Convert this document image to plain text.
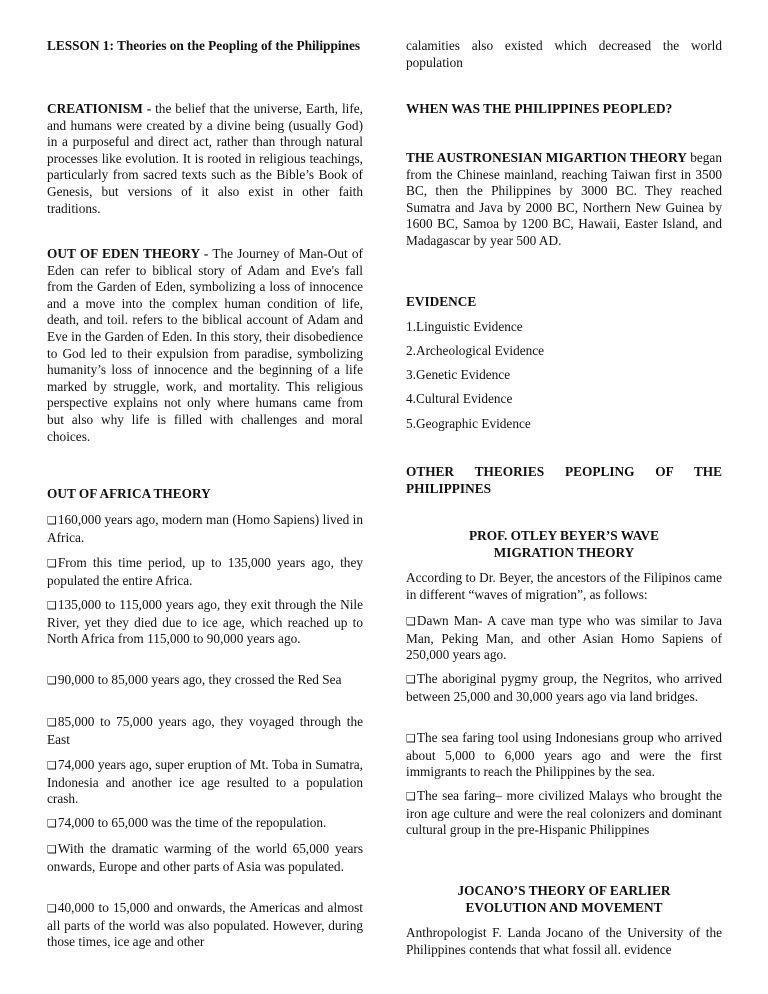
LESSON 1: Theories on the Peopling of the Philippines

CREATIONISM - the belief that the universe, Earth, life, and humans were created by a divine being (usually God) in a purposeful and direct act, rather than through natural processes like evolution. It is rooted in religious teachings, particularly from sacred texts such as the Bible’s Book of Genesis, but versions of it also exist in other faith traditions.

OUT OF EDEN THEORY - The Journey of Man-Out of Eden can refer to biblical story of Adam and Eve's fall from the Garden of Eden, symbolizing a loss of innocence and a move into the complex human condition of life, death, and toil. refers to the biblical account of Adam and Eve in the Garden of Eden. In this story, their disobedience to God led to their expulsion from paradise, symbolizing humanity’s loss of innocence and the beginning of a life marked by struggle, work, and mortality. This religious perspective explains not only where humans came from but also why life is filled with challenges and moral choices.

OUT OF AFRICA THEORY

❑160,000 years ago, modern man (Homo Sapiens) lived in Africa.

❑From this time period, up to 135,000 years ago, they populated the entire Africa.

❑135,000 to 115,000 years ago, they exit through the Nile River, yet they died due to ice age, which reached up to North Africa from 115,000 to 90,000 years ago.

❑90,000 to 85,000 years ago, they crossed the Red Sea

❑85,000 to 75,000 years ago, they voyaged through the East

❑74,000 years ago, super eruption of Mt. Toba in Sumatra, Indonesia and another ice age resulted to a population crash.

❑74,000 to 65,000 was the time of the repopulation.

❑With the dramatic warming of the world 65,000 years onwards, Europe and other parts of Asia was populated.

❑40,000 to 15,000 and onwards, the Americas and almost all parts of the world was also populated. However, during those times, ice age and other

calamities also existed which decreased the world population

WHEN WAS THE PHILIPPINES PEOPLED?

THE AUSTRONESIAN MIGARTION THEORY began from the Chinese mainland, reaching Taiwan first in 3500 BC, then the Philippines by 3000 BC. They reached Sumatra and Java by 2000 BC, Northern New Guinea by 1600 BC, Samoa by 1200 BC, Hawaii, Easter Island, and Madagascar by year 500 AD.

EVIDENCE

1.Linguistic Evidence

2.Archeological Evidence

3.Genetic Evidence

4.Cultural Evidence

5.Geographic Evidence

OTHER THEORIES PEOPLING OF THE PHILIPPINES

PROF. OTLEY BEYER’S WAVE MIGRATION THEORY

According to Dr. Beyer, the ancestors of the Filipinos came in different “waves of migration”, as follows:

❑Dawn Man- A cave man type who was similar to Java Man, Peking Man, and other Asian Homo Sapiens of 250,000 years ago.

❑The aboriginal pygmy group, the Negritos, who arrived between 25,000 and 30,000 years ago via land bridges.

❑The sea faring tool using Indonesians group who arrived about 5,000 to 6,000 years ago and were the first immigrants to reach the Philippines by the sea.

❑The sea faring– more civilized Malays who brought the iron age culture and were the real colonizers and dominant cultural group in the pre-Hispanic Philippines

JOCANO’S THEORY OF EARLIER EVOLUTION AND MOVEMENT

Anthropologist F. Landa Jocano of the University of the Philippines contends that what fossil all. evidence
